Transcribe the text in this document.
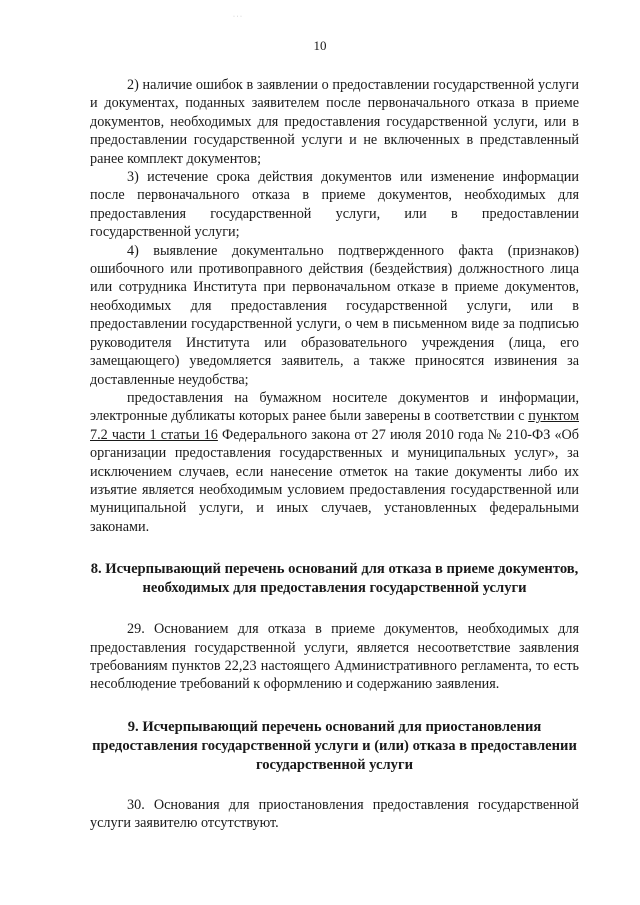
· · ·
10

2) наличие ошибок в заявлении о предоставлении государственной услуги и документах, поданных заявителем после первоначального отказа в приеме документов, необходимых для предоставления государственной услуги, или в предоставлении государственной услуги и не включенных в представленный ранее комплект документов;

3) истечение срока действия документов или изменение информации после первоначального отказа в приеме документов, необходимых для предоставления государственной услуги, или в предоставлении государственной услуги;

4) выявление документально подтвержденного факта (признаков) ошибочного или противоправного действия (бездействия) должностного лица или сотрудника Института при первоначальном отказе в приеме документов, необходимых для предоставления государственной услуги, или в предоставлении государственной услуги, о чем в письменном виде за подписью руководителя Института или образовательного учреждения (лица, его замещающего) уведомляется заявитель, а также приносятся извинения за доставленные неудобства;

предоставления на бумажном носителе документов и информации, электронные дубликаты которых ранее были заверены в соответствии с пунктом 7.2 части 1 статьи 16 Федерального закона от 27 июля 2010 года № 210-ФЗ «Об организации предоставления государственных и муниципальных услуг», за исключением случаев, если нанесение отметок на такие документы либо их изъятие является необходимым условием предоставления государственной или муниципальной услуги, и иных случаев, установленных федеральными законами.

8. Исчерпывающий перечень оснований для отказа в приеме документов, необходимых для предоставления государственной услуги

29. Основанием для отказа в приеме документов, необходимых для предоставления государственной услуги, является несоответствие заявления требованиям пунктов 22,23 настоящего Административного регламента, то есть несоблюдение требований к оформлению и содержанию заявления.

9. Исчерпывающий перечень оснований для приостановления предоставления государственной услуги и (или) отказа в предоставлении государственной услуги

30. Основания для приостановления предоставления государственной услуги заявителю отсутствуют.
